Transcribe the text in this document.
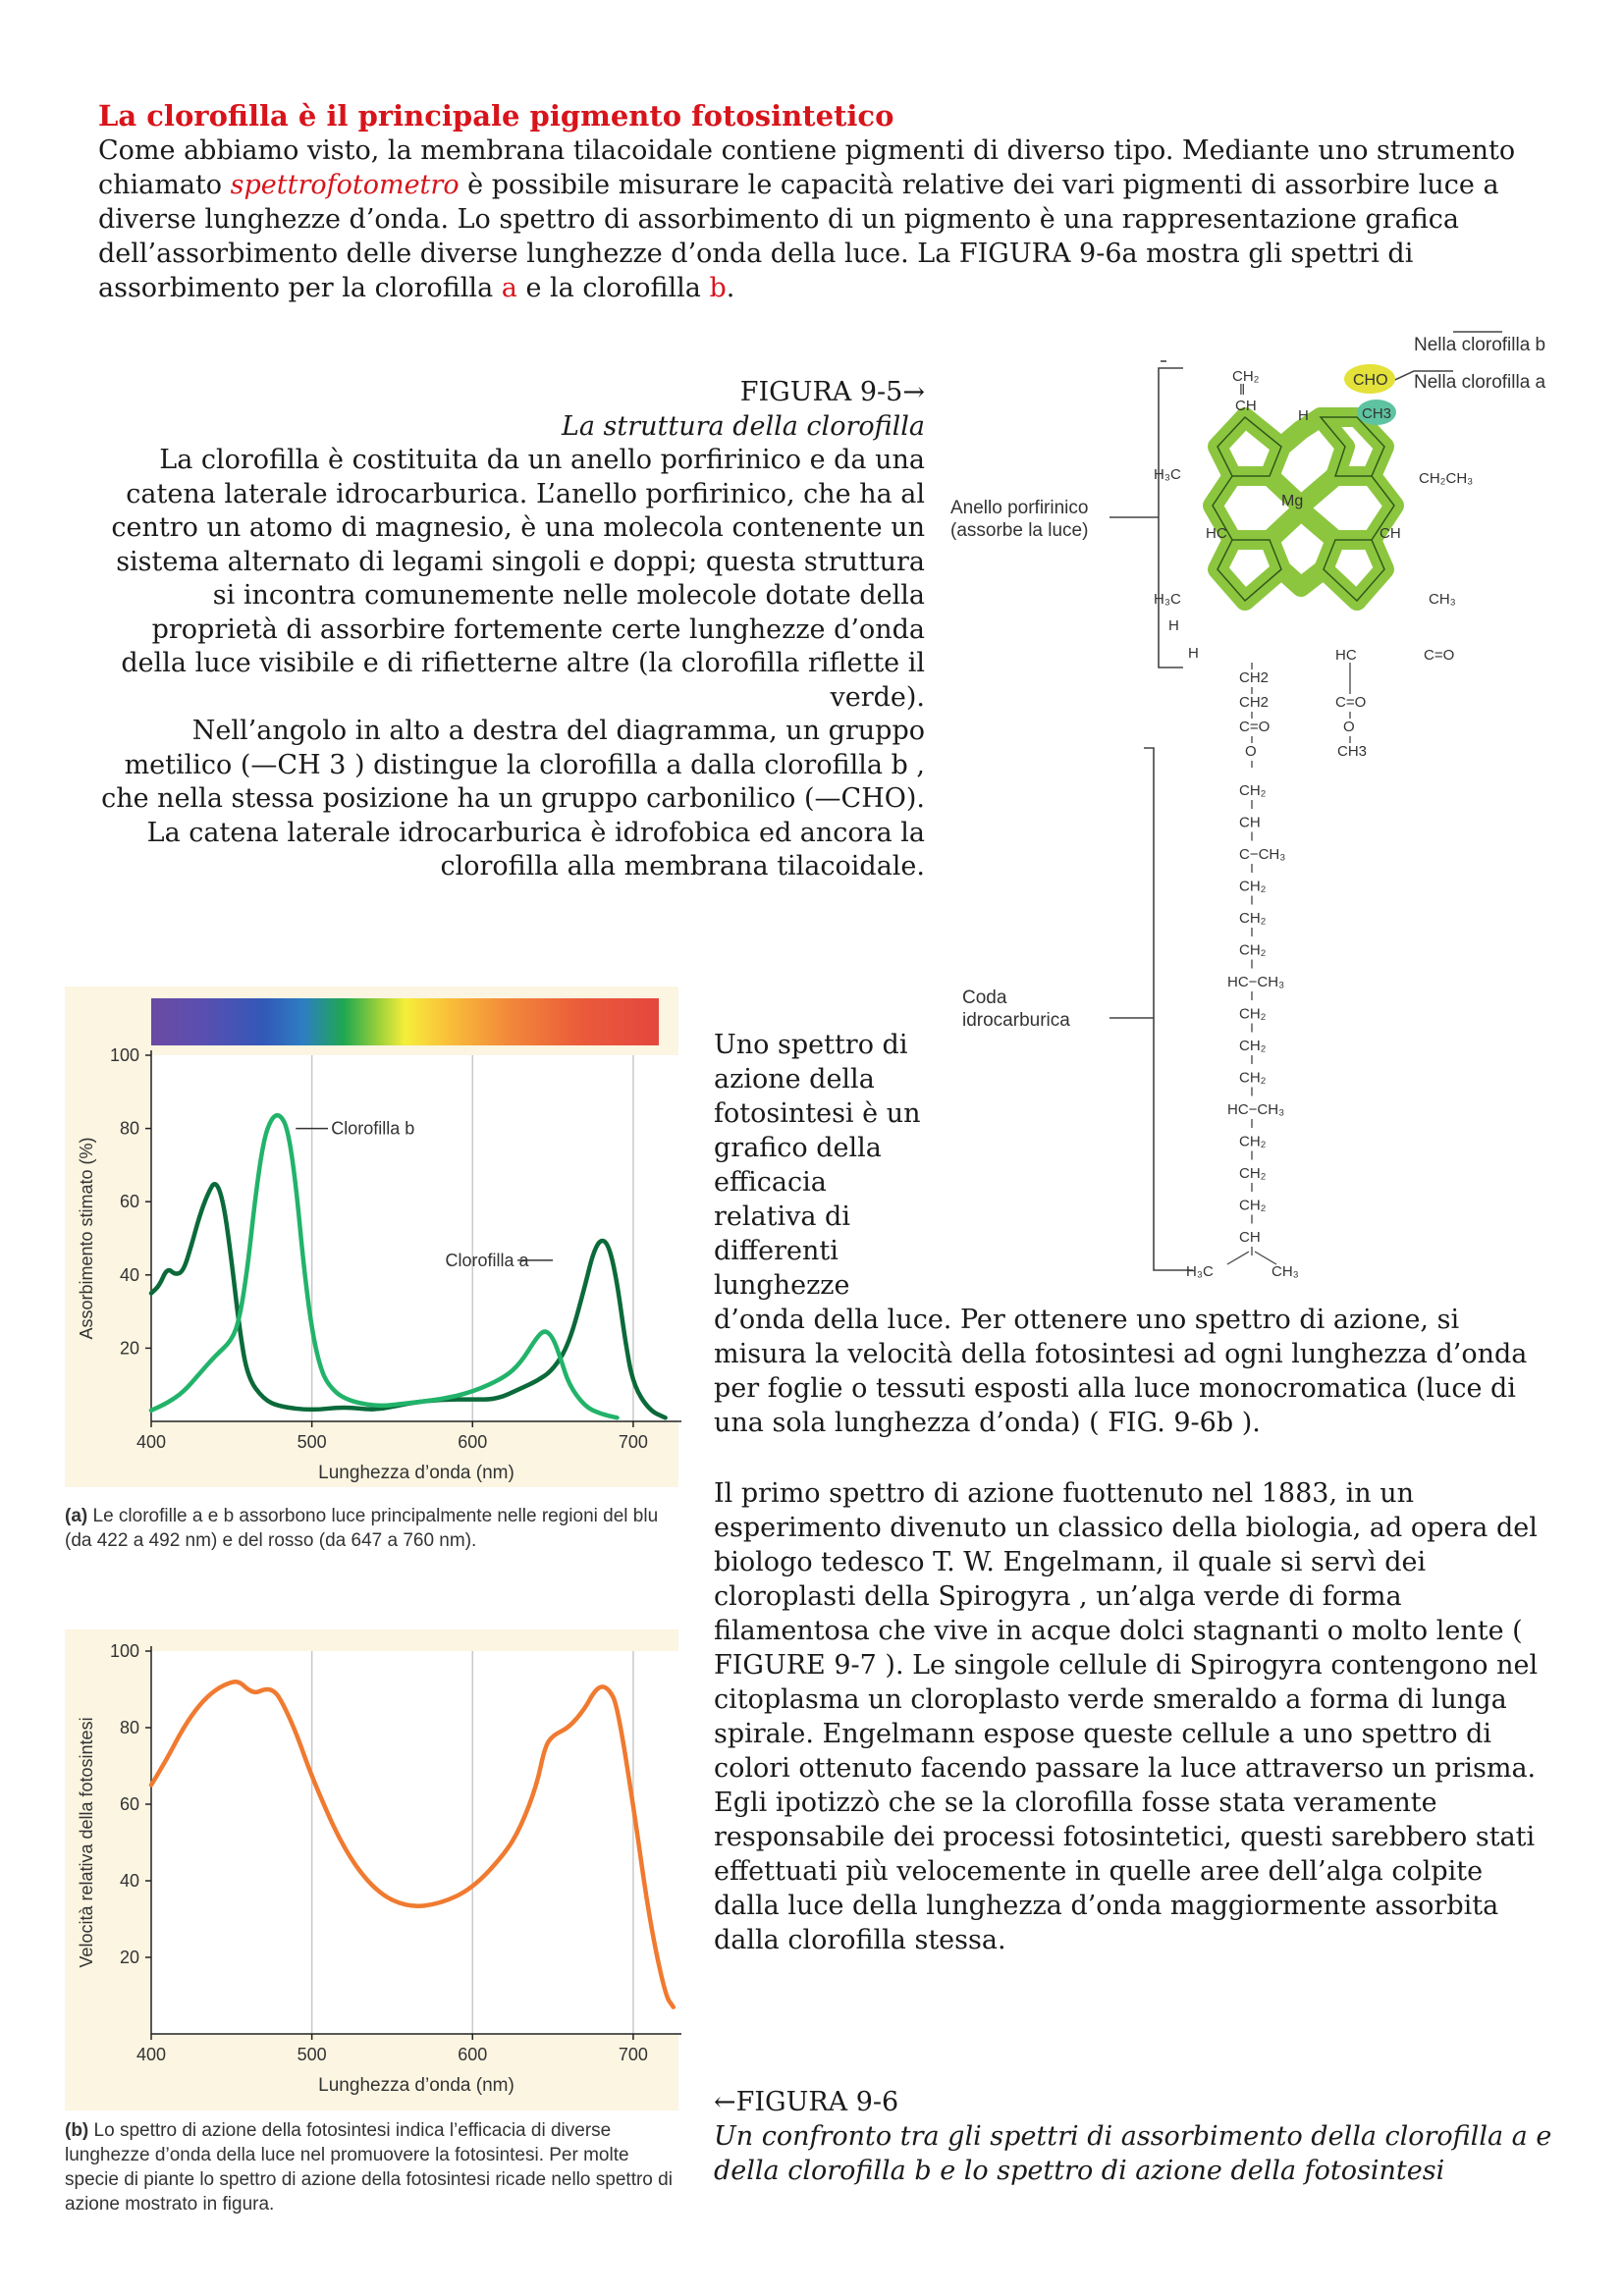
La clorofilla è il principale pigmento fotosintetico
Come abbiamo visto, la membrana tilacoidale contiene pigmenti di diverso tipo. Mediante uno strumento chiamato spettrofotometro è possibile misurare le capacità relative dei vari pigmenti di assorbire luce a diverse lunghezze d’onda. Lo spettro di assorbimento di un pigmento è una rappresentazione grafica dell’assorbimento delle diverse lunghezze d’onda della luce. La FIGURA 9-6a mostra gli spettri di assorbimento per la clorofilla a e la clorofilla b.
FIGURA 9-5→
La struttura della clorofilla
La clorofilla è costituita da un anello porfirinico e da una catena laterale idrocarburica. L’anello porfirinico, che ha al centro un atomo di magnesio, è una molecola contenente un sistema alternato di legami singoli e doppi; questa struttura si incontra comunemente nelle molecole dotate della proprietà di assorbire fortemente certe lunghezze d’onda della luce visibile e di rifietterne altre (la clorofilla riflette il verde).
Nell’angolo in alto a destra del diagramma, un gruppo metilico (—CH 3 ) distingue la clorofilla a dalla clorofilla b , che nella stessa posizione ha un gruppo carbonilico (—CHO).
La catena laterale idrocarburica è idrofobica ed ancora la clorofilla alla membrana tilacoidale.
Nella clorofilla b
Nella clorofilla a
Anello porfirinico
(assorbe la luce)
Coda
idrocarburica
CH₂
‖
CH
H
H₃C	CH₂CH₃
HC
Mg
CH
H₃C	CH₃
H
H	C=O
HC
CHO
CH3
CH2
CH2
C=O
O
C=O
O
CH3
CH₂
CH
C−CH₃
CH₂
CH₂
CH₂
HC−CH₃
CH₂
CH₂
CH₂
HC−CH₃
CH₂
CH₂
CH₂
CH
H₃C	CH₃
20
40
60
80
100
400	500	600	700
Lunghezza d’onda (nm)
Assorbimento stimato (%)
Clorofilla b
Clorofilla a
(a) Le clorofille a e b assorbono luce principalmente nelle regioni del blu (da 422 a 492 nm) e del rosso (da 647 a 760 nm).
20
40
60
80
100
400	500	600	700
Lunghezza d’onda (nm)
Velocità relativa della fotosintesi
(b) Lo spettro di azione della fotosintesi indica l’efficacia di diverse lunghezze d’onda della luce nel promuovere la fotosintesi. Per molte specie di piante lo spettro di azione della fotosintesi ricade nello spettro di azione mostrato in figura.
Uno spettro di azione della fotosintesi è un grafico della efficacia relativa di differenti lunghezze
d’onda della luce. Per ottenere uno spettro di azione, si misura la velocità della fotosintesi ad ogni lunghezza d’onda per foglie o tessuti esposti alla luce monocromatica (luce di una sola lunghezza d’onda) ( FIG. 9-6b ).
Il primo spettro di azione fuottenuto nel 1883, in un esperimento divenuto un classico della biologia, ad opera del biologo tedesco T. W. Engelmann, il quale si servì dei cloroplasti della Spirogyra , un’alga verde di forma filamentosa che vive in acque dolci stagnanti o molto lente ( FIGURE 9-7 ). Le singole cellule di Spirogyra contengono nel citoplasma un cloroplasto verde smeraldo a forma di lunga spirale. Engelmann espose queste cellule a uno spettro di colori ottenuto facendo passare la luce attraverso un prisma. Egli ipotizzò che se la clorofilla fosse stata veramente responsabile dei processi fotosintetici, questi sarebbero stati effettuati più velocemente in quelle aree dell’alga colpite dalla luce della lunghezza d’onda maggiormente assorbita dalla clorofilla stessa.
←FIGURA 9-6
Un confronto tra gli spettri di assorbimento della clorofilla a e della clorofilla b e lo spettro di azione della fotosintesi
